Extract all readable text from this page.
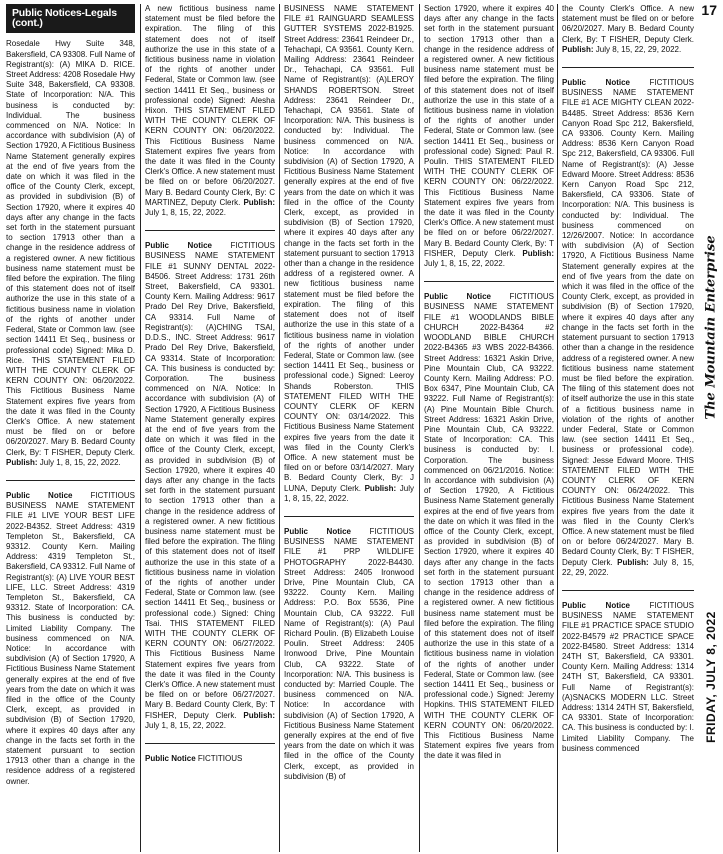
17
The Mountain Enterprise
FRIDAY, JULY 8, 2022
Public Notices-Legals (cont.)

Rosedale Hwy Suite 348, Bakersfield, CA 93308. Full Name of Registrant(s): (A) MIKA D. RICE. Street Address: 4208 Rosedale Hwy Suite 348, Bakersfield, CA 93308. State of Incorporation: N/A. This business is conducted by: Individual. The business commenced on N/A. Notice: In accordance with subdivision (A) of Section 17920, A Fictitious Business Name Statement generally expires at the end of five years from the date on which it was filed in the office of the County Clerk, except, as provided in subdivision (B) of Section 17920, where it expires 40 days after any change in the facts set forth in the statement pursuant to section 17913 other than a change in the residence address of a registered owner. A new fictitious business name statement must be filed before the expiration. The filing of this statement does not of itself authorize the use in this state of a fictitious business name in violation of the rights of another under Federal, State or Common law. (see section 14411 Et Seq., business or professional code) Signed: Mika D. Rice. THIS STATEMENT FILED WITH THE COUNTY CLERK OF KERN COUNTY ON: 06/20/2022. This Fictitious Business Name Statement expires five years from the date it was filed in the County Clerk's Office. A new statement must be filed on or before 06/20/2027. Mary B. Bedard County Clerk, By: T FISHER, Deputy Clerk. Publish: July 1, 8, 15, 22, 2022.

Public Notice FICTITIOUS BUSINESS NAME STATEMENT FILE #1 LIVE YOUR BEST LIFE 2022-B4352. Street Address: 4319 Templeton St., Bakersfield, CA 93312. County Kern. Mailing Address: 4319 Templeton St., Bakersfield, CA 93312. Full Name of Registrant(s): (A) LIVE YOUR BEST LIFE, LLC. Street Address: 4319 Templeton St., Bakersfield, CA 93312. State of Incorporation: CA. This business is conducted by: Limited Liability Company. The business commenced on N/A. Notice: In accordance with subdivision (A) of Section 17920, A Fictitious Business Name Statement generally expires at the end of five years from the date on which it was filed in the office of the County Clerk, except, as provided in subdivision (B) of Section 17920, where it expires 40 days after any change in the facts set forth in the statement pursuant to section 17913 other than a change in the residence address of a registered owner.

A new fictitious business name statement must be filed before the expiration. The filing of this statement does not of itself authorize the use in this state of a fictitious business name in violation of the rights of another under Federal, State or Common law. (see section 14411 Et Seq., business or professional code) Signed: Alesha Hixon. THIS STATEMENT FILED WITH THE COUNTY CLERK OF KERN COUNTY ON: 06/20/2022. This Fictitious Business Name Statement expires five years from the date it was filed in the County Clerk's Office. A new statement must be filed on or before 06/20/2027. Mary B. Bedard County Clerk, By: C MARTINEZ, Deputy Clerk. Publish: July 1, 8, 15, 22, 2022.

Public Notice FICTITIOUS BUSINESS NAME STATEMENT FILE #1 SUNNY DENTAL 2022-B4506. Street Address: 1731 26th Street, Bakersfield, CA 93301. County Kern. Mailing Address: 9617 Prado Del Rey Drive, Bakersfield, CA 93314. Full Name of Registrant(s): (A)CHING TSAI, D.D.S., INC. Street Address: 9617 Prado Del Rey Drive, Bakersfield, CA 93314. State of Incorporation: CA. This business is conducted by: Corporation. The business commenced on N/A. Notice: In accordance with subdivision (A) of Section 17920, A Fictitious Business Name Statement generally expires at the end of five years from the date on which it was filed in the office of the County Clerk, except, as provided in subdivision (B) of Section 17920, where it expires 40 days after any change in the facts set forth in the statement pursuant to section 17913 other than a change in the residence address of a registered owner. A new fictitious business name statement must be filed before the expiration. The filing of this statement does not of itself authorize the use in this state of a fictitious business name in violation of the rights of another under Federal, State or Common law. (see section 14411 Et Seq., business or professional code.) Signed: Ching Tsai. THIS STATEMENT FILED WITH THE COUNTY CLERK OF KERN COUNTY ON: 06/27/2022. This Fictitious Business Name Statement expires five years from the date it was filed in the County Clerk's Office. A new statement must be filed on or before 06/27/2027. Mary B. Bedard County Clerk, By: T FISHER, Deputy Clerk. Publish: July 1, 8, 15, 22, 2022.

Public Notice FICTITIOUS

BUSINESS NAME STATEMENT FILE #1 RAINGUARD SEAMLESS GUTTER SYSTEMS 2022-B1925. Street Address: 23641 Reindeer Dr., Tehachapi, CA 93561. County Kern. Mailing Address: 23641 Reindeer Dr., Tehachapi, CA 93561. Full Name of Registrant(s): (A)LEROY SHANDS ROBERTSON. Street Address: 23641 Reindeer Dr., Tehachapi, CA 93561. State of Incorporation: N/A. This business is conducted by: Individual. The business commenced on N/A. Notice: In accordance with subdivision (A) of Section 17920, A Fictitious Business Name Statement generally expires at the end of five years from the date on which it was filed in the office of the County Clerk, except, as provided in subdivision (B) of Section 17920, where it expires 40 days after any change in the facts set forth in the statement pursuant to section 17913 other than a change in the residence address of a registered owner. A new fictitious business name statement must be filed before the expiration. The filing of this statement does not of itself authorize the use in this state of a fictitious business name in violation of the rights of another under Federal, State or Common law. (see section 14411 Et Seq., business or professional code.) Signed: Leeroy Shands Roberston. THIS STATEMENT FILED WITH THE COUNTY CLERK OF KERN COUNTY ON: 03/14/2022. This Fictitious Business Name Statement expires five years from the date it was filed in the County Clerk's Office. A new statement must be filed on or before 03/14/2027. Mary B. Bedard County Clerk, By: J LUNA, Deputy Clerk. Publish: July 1, 8, 15, 22, 2022.

Public Notice FICTITIOUS BUSINESS NAME STATEMENT FILE #1 PRP WILDLIFE PHOTOGRAPHY 2022-B4430. Street Address: 2405 Ironwood Drive, Pine Mountain Club, CA 93222. County Kern. Mailing Address: P.O. Box 5536, Pine Mountain Club, CA 93222. Full Name of Registrant(s): (A) Paul Richard Poulin. (B) Elizabeth Louise Poulin. Street Address: 2405 Ironwood Drive, Pine Mountain Club, CA 93222. State of Incorporation: N/A. This business is conducted by: Married Couple. The business commenced on N/A. Notice: In accordance with subdivision (A) of Section 17920, A Fictitious Business Name Statement generally expires at the end of five years from the date on which it was filed in the office of the County Clerk, except, as provided in subdivision (B) of

Section 17920, where it expires 40 days after any change in the facts set forth in the statement pursuant to section 17913 other than a change in the residence address of a registered owner. A new fictitious business name statement must be filed before the expiration. The filing of this statement does not of itself authorize the use in this state of a fictitious business name in violation of the rights of another under Federal, State or Common law. (see section 14411 Et Seq., business or professional code) Signed: Paul R. Poulin. THIS STATEMENT FILED WITH THE COUNTY CLERK OF KERN COUNTY ON: 06/22/2022. This Fictitious Business Name Statement expires five years from the date it was filed in the County Clerk's Office. A new statement must be filed on or before 06/22/2027. Mary B. Bedard County Clerk, By: T FISHER, Deputy Clerk. Publish: July 1, 8, 15, 22, 2022.

Public Notice FICTITIOUS BUSINESS NAME STATEMENT FILE #1 WOODLANDS BIBLE CHURCH 2022-B4364 #2 WOODLAND BIBLE CHURCH 2022-B4365 #3 WBS 2022-B4366. Street Address: 16321 Askin Drive, Pine Mountain Club, CA 93222. County Kern. Mailing Address: P.O. Box 6347, Pine Mountain Club, CA 93222. Full Name of Registrant(s): (A) Pine Mountain Bible Church. Street Address: 16321 Askin Drive, Pine Mountain Club, CA 93222. State of Incorporation: CA. This business is conducted by: I. Corporation. The business commenced on 06/21/2016. Notice: In accordance with subdivision (A) of Section 17920, A Fictitious Business Name Statement generally expires at the end of five years from the date on which it was filed in the office of the County Clerk, except, as provided in subdivision (B) of Section 17920, where it expires 40 days after any change in the facts set forth in the statement pursuant to section 17913 other than a change in the residence address of a registered owner. A new fictitious business name statement must be filed before the expiration. The filing of this statement does not of itself authorize the use in this state of a fictitious business name in violation of the rights of another under Federal, State or Common law. (see section 14411 Et Seq., business or professional code.) Signed: Jeremy Hopkins. THIS STATEMENT FILED WITH THE COUNTY CLERK OF KERN COUNTY ON: 06/20/2022. This Fictitious Business Name Statement expires five years from the date it was filed in

the County Clerk's Office. A new statement must be filed on or before 06/20/2027. Mary B. Bedard County Clerk, By: T FISHER, Deputy Clerk. Publish: July 8, 15, 22, 29, 2022.

Public Notice FICTITIOUS BUSINESS NAME STATEMENT FILE #1 ACE MIGHTY CLEAN 2022-B4485. Street Address: 8536 Kern Canyon Road Spc 212, Bakersfield, CA 93306. County Kern. Mailing Address: 8536 Kern Canyon Road Spc 212, Bakersfield, CA 93306. Full Name of Registrant(s): (A) Jesse Edward Moore. Street Address: 8536 Kern Canyon Road Spc 212, Bakersfield, CA 93306. State of Incorporation: N/A. This business is conducted by: Individual. The business commenced on 12/26/2007. Notice: In accordance with subdivision (A) of Section 17920, A Fictitious Business Name Statement generally expires at the end of five years from the date on which it was filed in the office of the County Clerk, except, as provided in subdivision (B) of Section 17920, where it expires 40 days after any change in the facts set forth in the statement pursuant to section 17913 other than a change in the residence address of a registered owner. A new fictitious business name statement must be filed before the expiration. The filing of this statement does not of itself authorize the use in this state of a fictitious business name in violation of the rights of another under Federal, State or Common law. (see section 14411 Et Seq., business or professional code). Signed: Jesse Edward Moore. THIS STATEMENT FILED WITH THE COUNTY CLERK OF KERN COUNTY ON: 06/24/2022. This Fictitious Business Name Statement expires five years from the date it was filed in the County Clerk's Office. A new statement must be filed on or before 06/24/2027. Mary B. Bedard County Clerk, By: T FISHER, Deputy Clerk. Publish: July 8, 15, 22, 29, 2022.

Public Notice FICTITIOUS BUSINESS NAME STATEMENT FILE #1 PRACTICE SPACE STUDIO 2022-B4579 #2 PRACTICE SPACE 2022-B4580. Street Address: 1314 24TH ST, Bakersfield, CA 93301. County Kern. Mailing Address: 1314 24TH ST, Bakersfield, CA 93301. Full Name of Registrant(s): (A)SNACKS MODERN LLC. Street Address: 1314 24TH ST, Bakersfield, CA 93301. State of Incorporation: CA. This business is conducted by: I. Limited Liability Company. The business commenced
